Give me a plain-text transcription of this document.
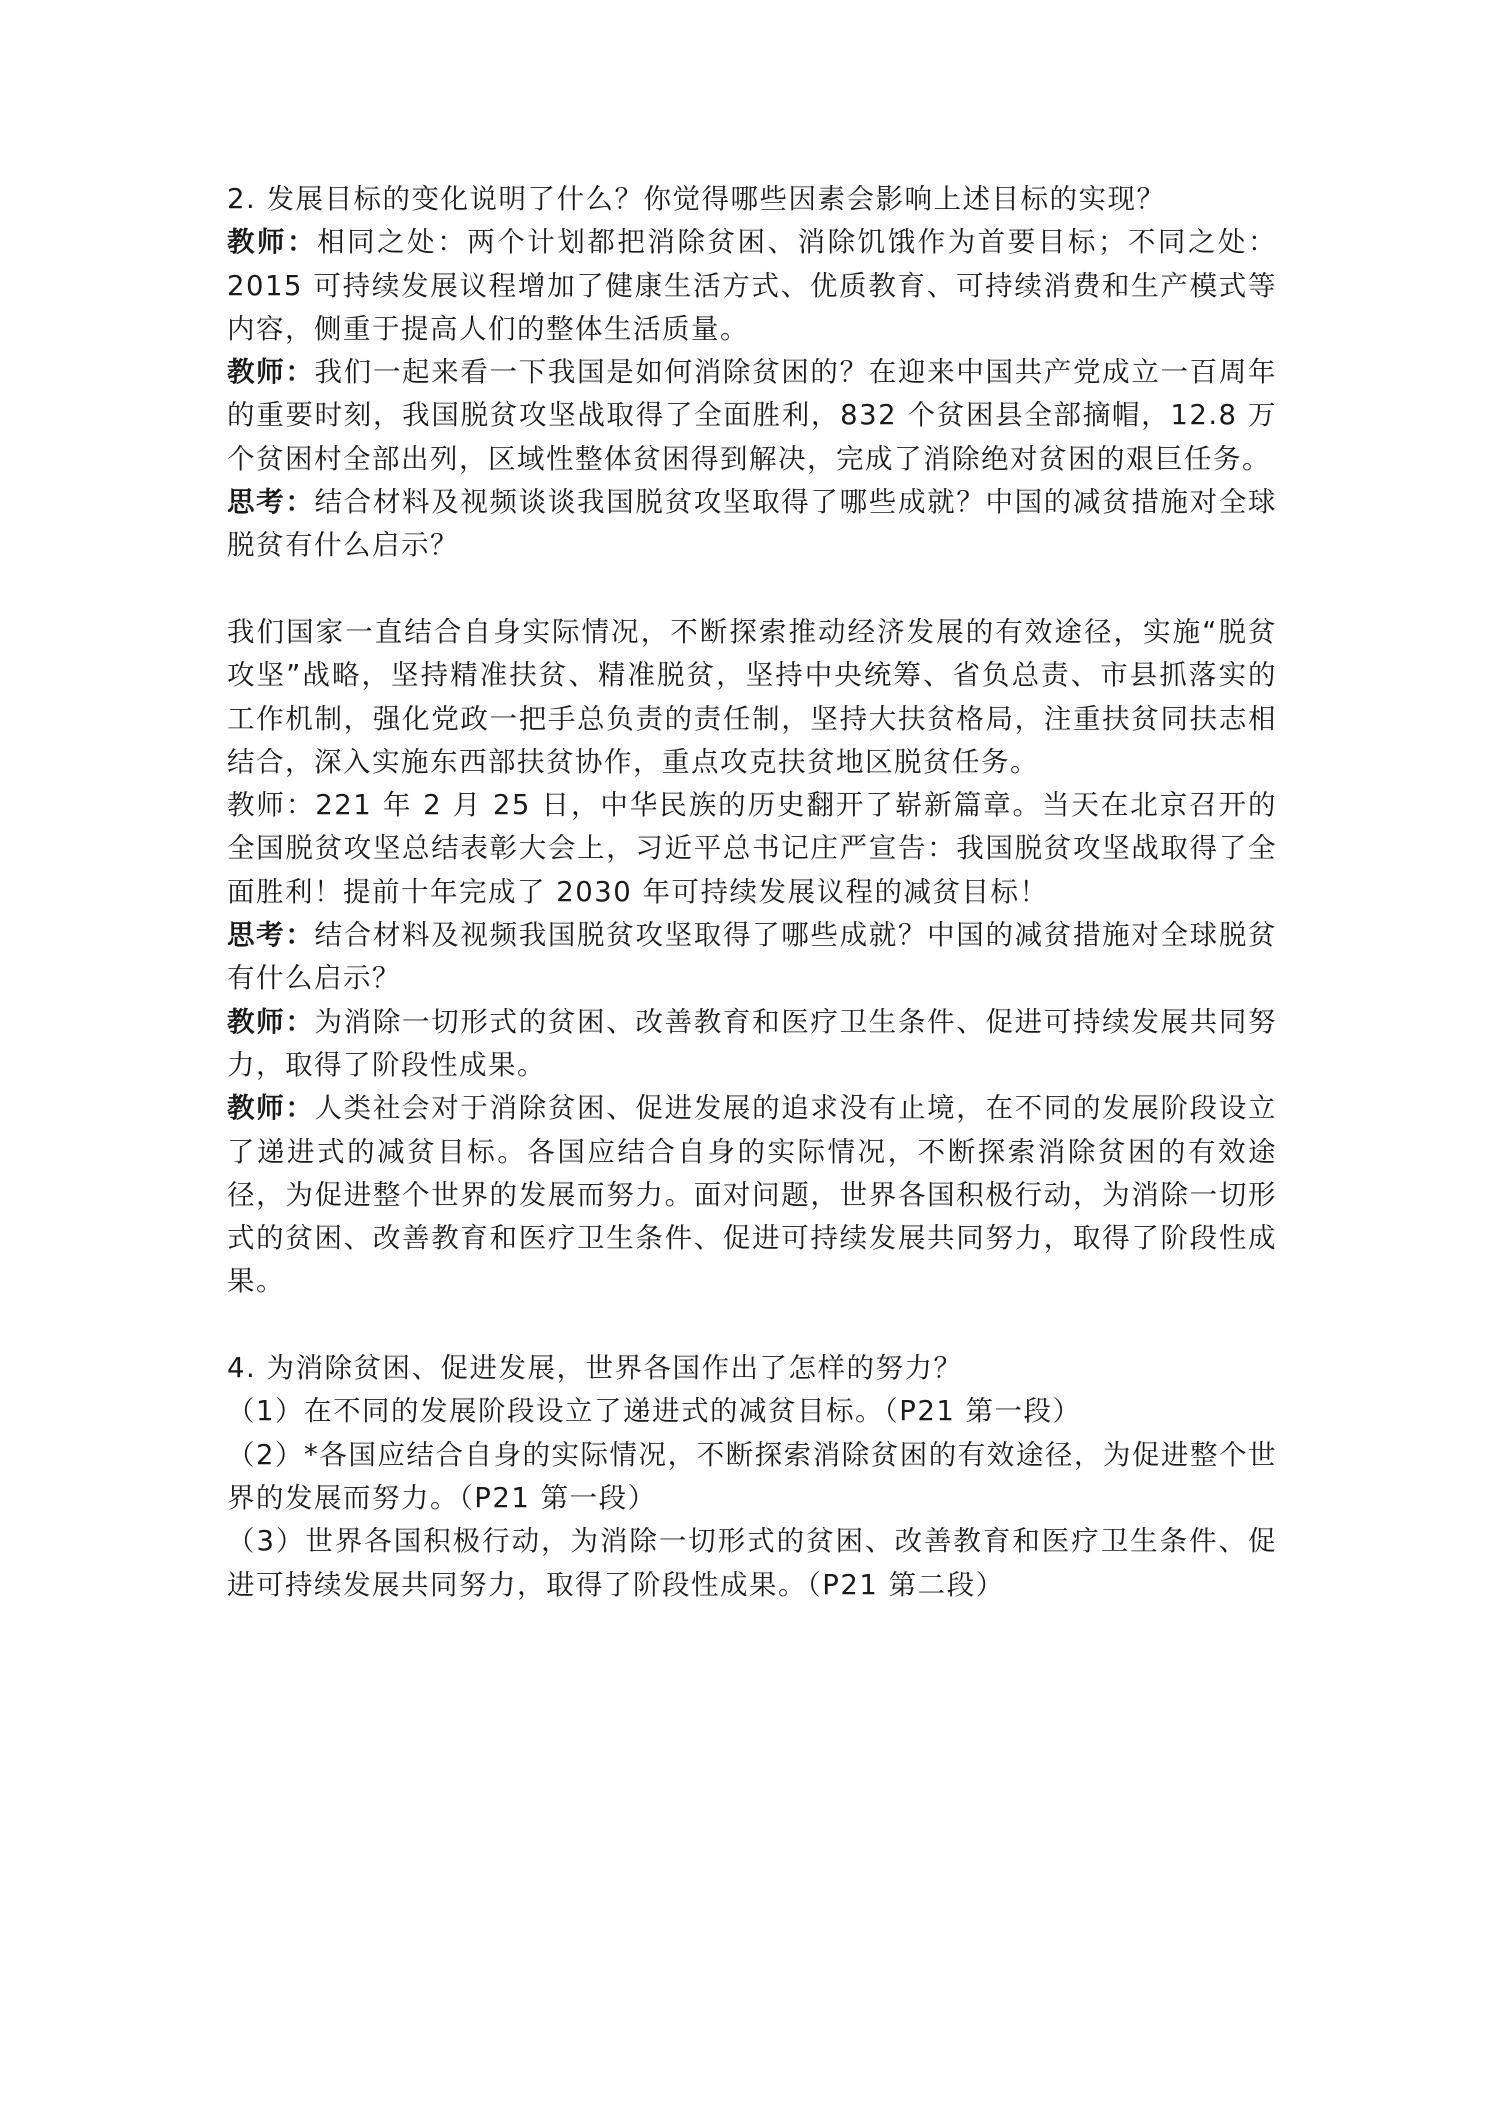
2. 发展目标的变化说明了什么？你觉得哪些因素会影响上述目标的实现？

教师：相同之处：两个计划都把消除贫困、消除饥饿作为首要目标；不同之处：2015 可持续发展议程增加了健康生活方式、优质教育、可持续消费和生产模式等内容，侧重于提高人们的整体生活质量。

教师：我们一起来看一下我国是如何消除贫困的？在迎来中国共产党成立一百周年的重要时刻，我国脱贫攻坚战取得了全面胜利，832 个贫困县全部摘帽，12.8 万个贫困村全部出列，区域性整体贫困得到解决，完成了消除绝对贫困的艰巨任务。

思考：结合材料及视频谈谈我国脱贫攻坚取得了哪些成就？中国的减贫措施对全球脱贫有什么启示？

我们国家一直结合自身实际情况，不断探索推动经济发展的有效途径，实施“脱贫攻坚”战略，坚持精准扶贫、精准脱贫，坚持中央统筹、省负总责、市县抓落实的工作机制，强化党政一把手总负责的责任制，坚持大扶贫格局，注重扶贫同扶志相结合，深入实施东西部扶贫协作，重点攻克扶贫地区脱贫任务。

教师：221 年 2 月 25 日，中华民族的历史翻开了崭新篇章。当天在北京召开的全国脱贫攻坚总结表彰大会上，习近平总书记庄严宣告：我国脱贫攻坚战取得了全面胜利！提前十年完成了 2030 年可持续发展议程的减贫目标！

思考：结合材料及视频我国脱贫攻坚取得了哪些成就？中国的减贫措施对全球脱贫有什么启示？

教师：为消除一切形式的贫困、改善教育和医疗卫生条件、促进可持续发展共同努力，取得了阶段性成果。

教师：人类社会对于消除贫困、促进发展的追求没有止境，在不同的发展阶段设立了递进式的减贫目标。各国应结合自身的实际情况，不断探索消除贫困的有效途径，为促进整个世界的发展而努力。面对问题，世界各国积极行动，为消除一切形式的贫困、改善教育和医疗卫生条件、促进可持续发展共同努力，取得了阶段性成果。

4. 为消除贫困、促进发展，世界各国作出了怎样的努力？

（1）在不同的发展阶段设立了递进式的减贫目标。（P21 第一段）

（2）*各国应结合自身的实际情况，不断探索消除贫困的有效途径，为促进整个世界的发展而努力。（P21 第一段）

（3）世界各国积极行动，为消除一切形式的贫困、改善教育和医疗卫生条件、促进可持续发展共同努力，取得了阶段性成果。（P21 第二段）
